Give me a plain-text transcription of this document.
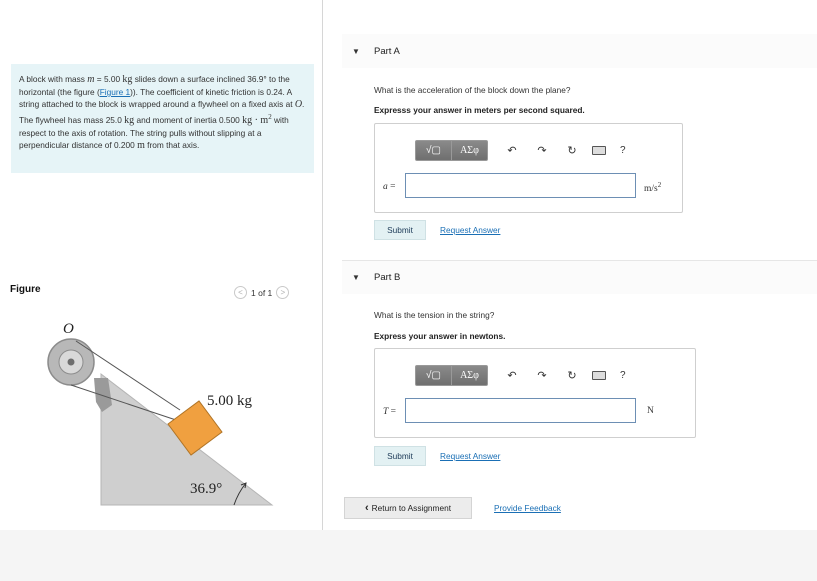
A block with mass m = 5.00 kg slides down a surface inclined 36.9° to the horizontal (the figure (Figure 1)). The coefficient of kinetic friction is 0.24. A string attached to the block is wrapped around a flywheel on a fixed axis at O. The flywheel has mass 25.0 kg and moment of inertia 0.500 kg · $m^2$ with respect to the axis of rotation. The string pulls without slipping at a perpendicular distance of 0.200 m from that axis.
Figure	< 1 of 1	>
O
5.00 kg
36.9°
▼ Part A
What is the acceleration of the block down the plane?
Expresss your answer in meters per second squared.
√▢	ΑΣφ	↶ ↷ ↻	?
a =	$m/s^2$
Submit	Request Answer
▼ Part B
What is the tension in the string?
Express your answer in newtons.
√▢	ΑΣφ	↶ ↷ ↻	?
T =	N
Submit	Request Answer
‹ Return to Assignment	Provide Feedback
